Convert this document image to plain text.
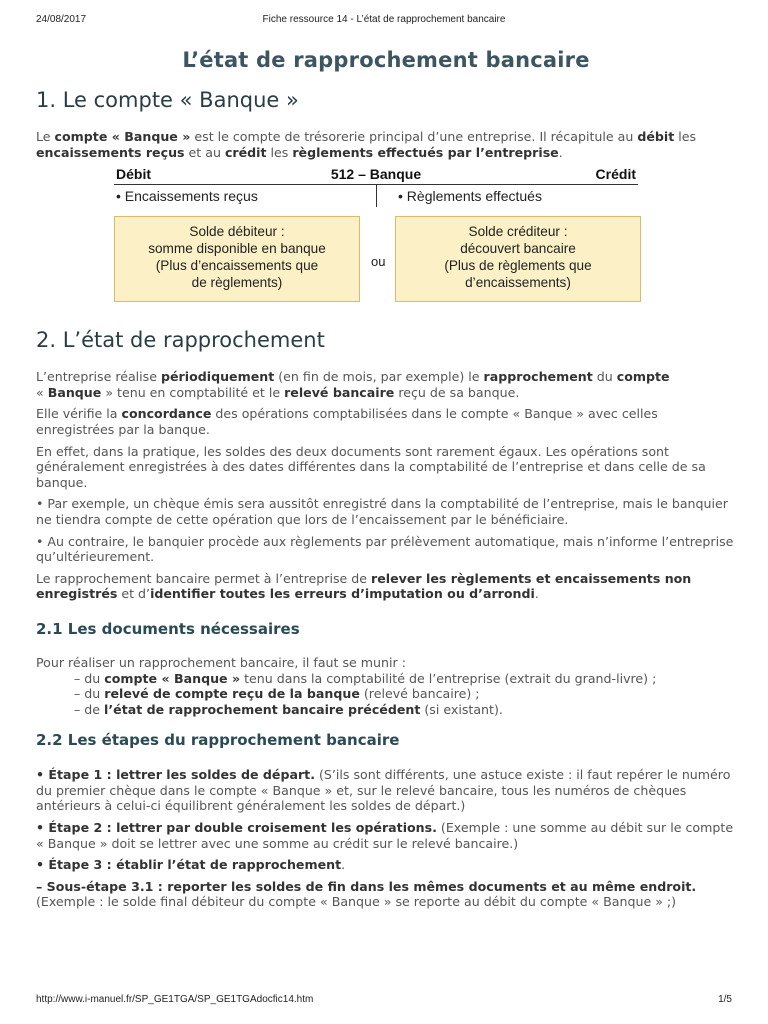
24/08/2017	Fiche ressource 14 - L’état de rapprochement bancaire
L’état de rapprochement bancaire
1. Le compte « Banque »

Le compte « Banque » est le compte de trésorerie principal d’une entreprise. Il récapitule au débit les encaissements reçus et au crédit les règlements effectués par l’entreprise.

Débit	512 – Banque	Crédit
• Encaissements reçus	• Règlements effectués
Solde débiteur :
somme disponible en banque
(Plus d’encaissements que
de règlements)
ou
Solde créditeur :
découvert bancaire
(Plus de règlements que
d’encaissements)
2. L’état de rapprochement

L’entreprise réalise périodiquement (en fin de mois, par exemple) le rapprochement du compte
« Banque » tenu en comptabilité et le relevé bancaire reçu de sa banque.

Elle vérifie la concordance des opérations comptabilisées dans le compte « Banque » avec celles enregistrées par la banque.

En effet, dans la pratique, les soldes des deux documents sont rarement égaux. Les opérations sont généralement enregistrées à des dates différentes dans la comptabilité de l’entreprise et dans celle de sa banque.

• Par exemple, un chèque émis sera aussitôt enregistré dans la comptabilité de l’entreprise, mais le banquier ne tiendra compte de cette opération que lors de l’encaissement par le bénéficiaire.

• Au contraire, le banquier procède aux règlements par prélèvement automatique, mais n’informe l’entreprise qu’ultérieurement.

Le rapprochement bancaire permet à l’entreprise de relever les règlements et encaissements non enregistrés et d’identifier toutes les erreurs d’imputation ou d’arrondi.

2.1 Les documents nécessaires

Pour réaliser un rapprochement bancaire, il faut se munir :

– du compte « Banque » tenu dans la comptabilité de l’entreprise (extrait du grand-livre) ;
– du relevé de compte reçu de la banque (relevé bancaire) ;
– de l’état de rapprochement bancaire précédent (si existant).
2.2 Les étapes du rapprochement bancaire

• Étape 1 : lettrer les soldes de départ. (S’ils sont différents, une astuce existe : il faut repérer le numéro du premier chèque dans le compte « Banque » et, sur le relevé bancaire, tous les numéros de chèques antérieurs à celui-ci équilibrent généralement les soldes de départ.)

• Étape 2 : lettrer par double croisement les opérations. (Exemple : une somme au débit sur le compte « Banque » doit se lettrer avec une somme au crédit sur le relevé bancaire.)

• Étape 3 : établir l’état de rapprochement.

– Sous-étape 3.1 : reporter les soldes de fin dans les mêmes documents et au même endroit. (Exemple : le solde final débiteur du compte « Banque » se reporte au débit du compte « Banque » ;)

http://www.i-manuel.fr/SP_GE1TGA/SP_GE1TGAdocfic14.htm	1/5
